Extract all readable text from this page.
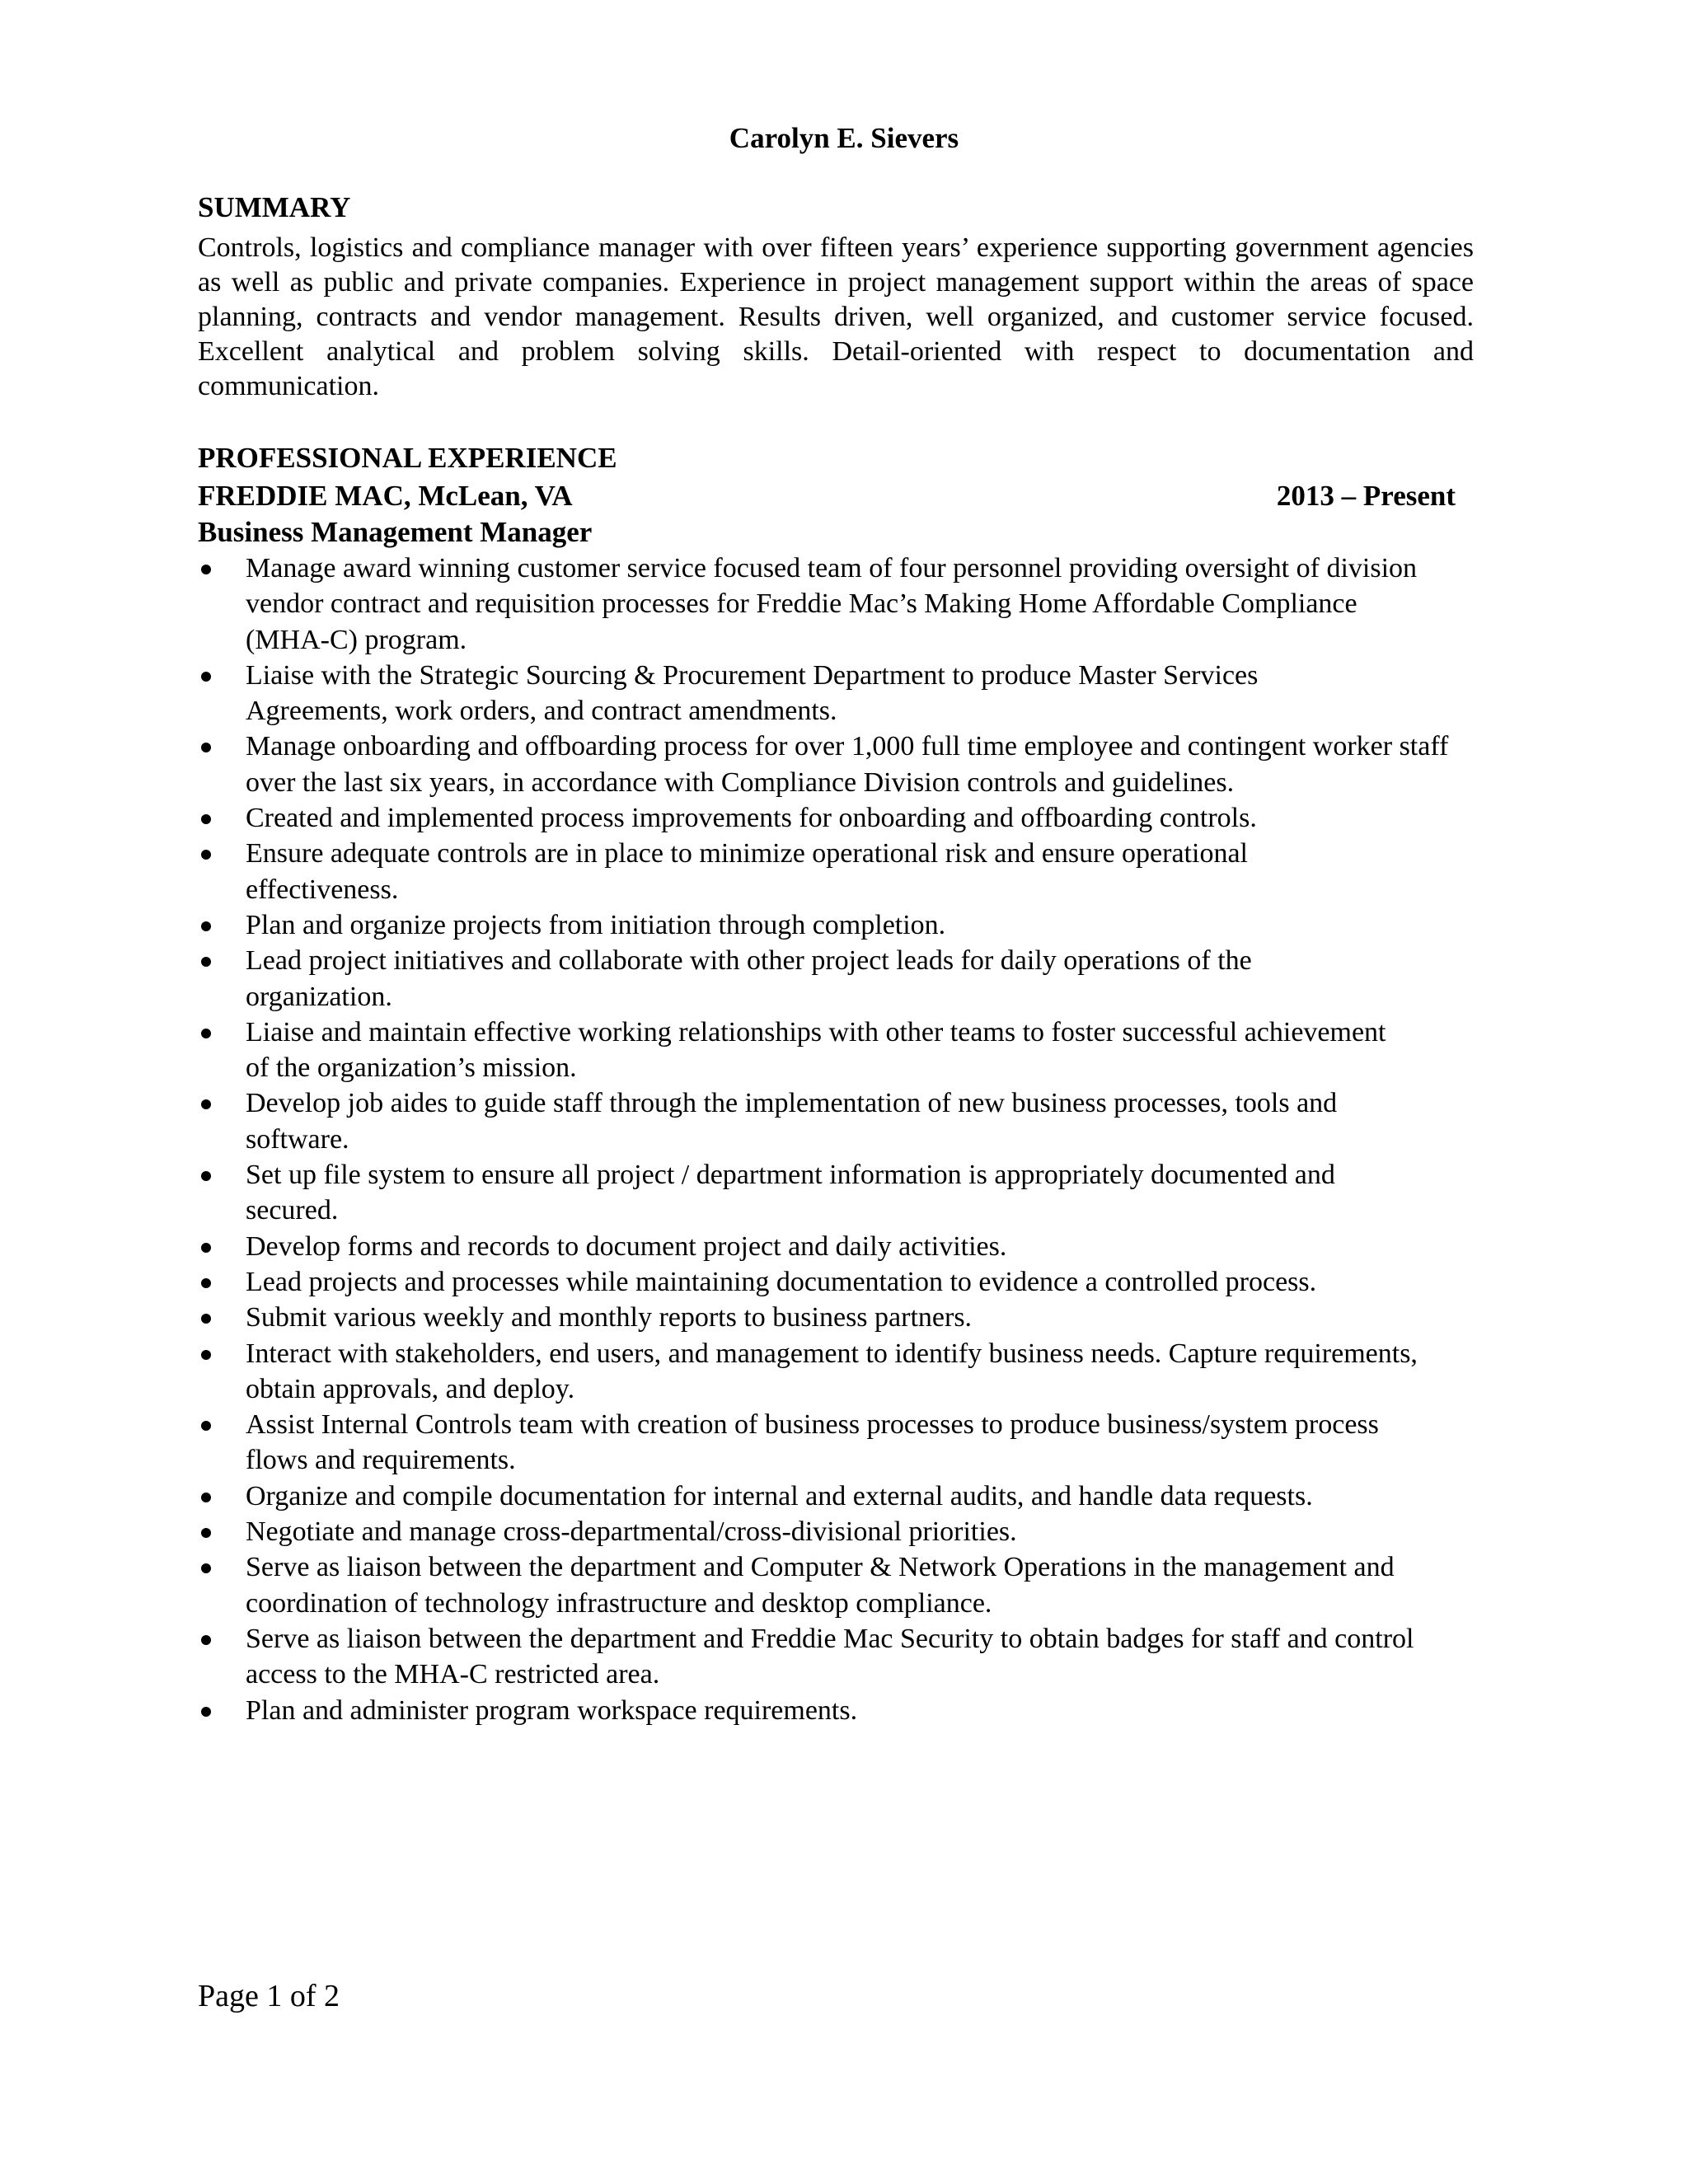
Carolyn E. Sievers
SUMMARY
Controls, logistics and compliance manager with over fifteen years’ experience supporting government agencies as well as public and private companies. Experience in project management support within the areas of space planning, contracts and vendor management. Results driven, well organized, and customer service focused. Excellent analytical and problem solving skills. Detail-oriented with respect to documentation and communication.
PROFESSIONAL EXPERIENCE
FREDDIE MAC, McLean, VA	2013 – Present
Business Management Manager
Manage award winning customer service focused team of four personnel providing oversight of division vendor contract and requisition processes for Freddie Mac’s Making Home Affordable Compliance (MHA-C) program.
Liaise with the Strategic Sourcing & Procurement Department to produce Master Services Agreements, work orders, and contract amendments.
Manage onboarding and offboarding process for over 1,000 full time employee and contingent worker staff over the last six years, in accordance with Compliance Division controls and guidelines.
Created and implemented process improvements for onboarding and offboarding controls.
Ensure adequate controls are in place to minimize operational risk and ensure operational effectiveness.
Plan and organize projects from initiation through completion.
Lead project initiatives and collaborate with other project leads for daily operations of the organization.
Liaise and maintain effective working relationships with other teams to foster successful achievement of the organization’s mission.
Develop job aides to guide staff through the implementation of new business processes, tools and software.
Set up file system to ensure all project / department information is appropriately documented and secured.
Develop forms and records to document project and daily activities.
Lead projects and processes while maintaining documentation to evidence a controlled process.
Submit various weekly and monthly reports to business partners.
Interact with stakeholders, end users, and management to identify business needs. Capture requirements, obtain approvals, and deploy.
Assist Internal Controls team with creation of business processes to produce business/system process flows and requirements.
Organize and compile documentation for internal and external audits, and handle data requests.
Negotiate and manage cross-departmental/cross-divisional priorities.
Serve as liaison between the department and Computer & Network Operations in the management and coordination of technology infrastructure and desktop compliance.
Serve as liaison between the department and Freddie Mac Security to obtain badges for staff and control access to the MHA-C restricted area.
Plan and administer program workspace requirements.
Page 1 of 2
